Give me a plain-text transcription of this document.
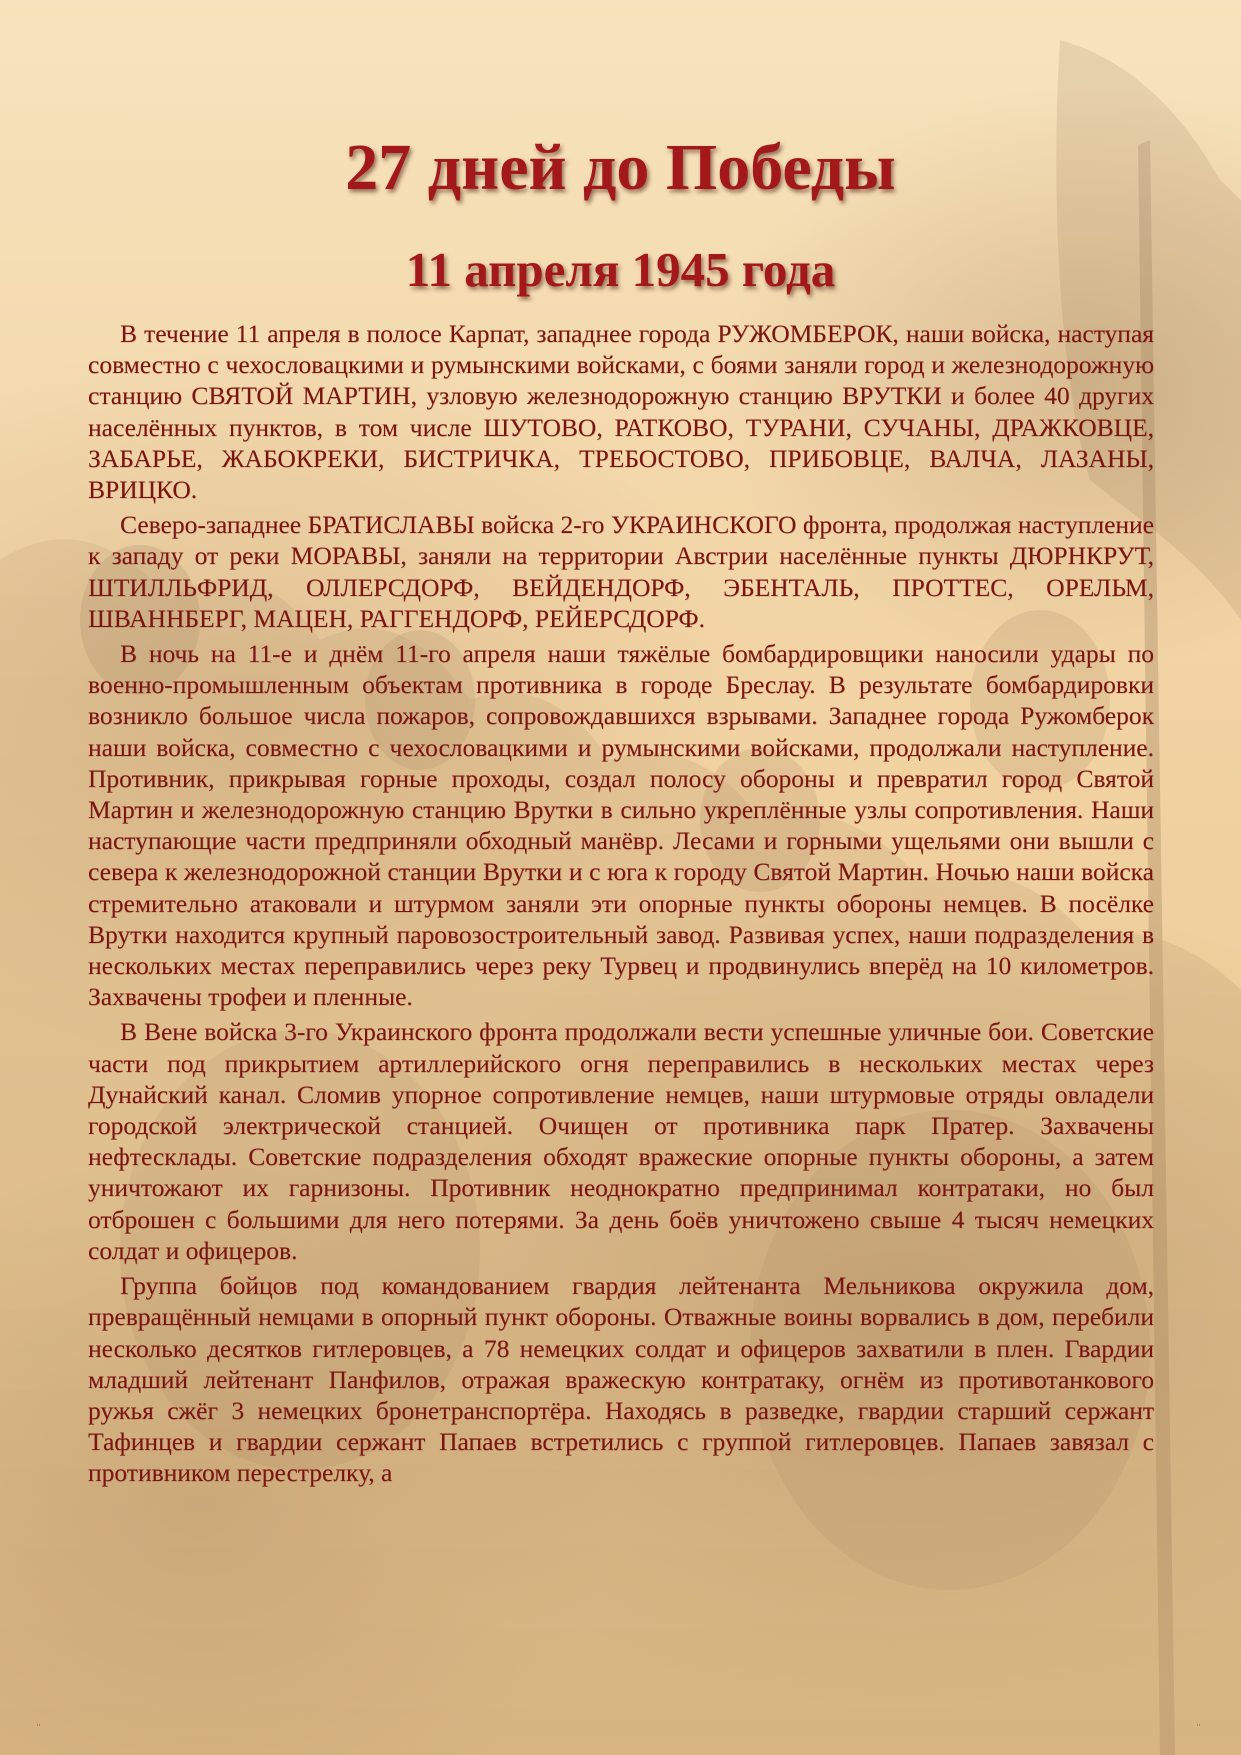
27 дней до Победы
11 апреля 1945 года

В течение 11 апреля в полосе Карпат, западнее города РУЖОМБЕРОК, наши войска, наступая совместно с чехословацкими и румынскими войсками, с боями заняли город и железнодорожную станцию СВЯТОЙ МАРТИН, узловую железнодорожную станцию ВРУТКИ и более 40 других населённых пунктов, в том числе ШУТОВО, РАТКОВО, ТУРАНИ, СУЧАНЫ, ДРАЖКОВЦЕ, ЗАБАРЬЕ, ЖАБОКРЕКИ, БИСТРИЧКА, ТРЕБОСТОВО, ПРИБОВЦЕ, ВАЛЧА, ЛАЗАНЫ, ВРИЦКО.

Северо-западнее БРАТИСЛАВЫ войска 2-го УКРАИНСКОГО фронта, продолжая наступление к западу от реки МОРАВЫ, заняли на территории Австрии населённые пункты ДЮРНКРУТ, ШТИЛЛЬФРИД, ОЛЛЕРСДОРФ, ВЕЙДЕНДОРФ, ЭБЕНТАЛЬ, ПРОТТЕС, ОРЕЛЬМ, ШВАННБЕРГ, МАЦЕН, РАГГЕНДОРФ, РЕЙЕРСДОРФ.

В ночь на 11-е и днём 11-го апреля наши тяжёлые бомбардировщики наносили удары по военно-промышленным объектам противника в городе Бреслау. В результате бомбардировки возникло большое числа пожаров, сопровождавшихся взрывами. Западнее города Ружомберок наши войска, совместно с чехословацкими и румынскими войсками, продолжали наступление. Противник, прикрывая горные проходы, создал полосу обороны и превратил город Святой Мартин и железнодорожную станцию Врутки в сильно укреплённые узлы сопротивления. Наши наступающие части предприняли обходный манёвр. Лесами и горными ущельями они вышли с севера к железнодорожной станции Врутки и с юга к городу Святой Мартин. Ночью наши войска стремительно атаковали и штурмом заняли эти опорные пункты обороны немцев. В посёлке Врутки находится крупный паровозостроительный завод. Развивая успех, наши подразделения в нескольких местах переправились через реку Турвец и продвинулись вперёд на 10 километров. Захвачены трофеи и пленные.

В Вене войска 3-го Украинского фронта продолжали вести успешные уличные бои. Советские части под прикрытием артиллерийского огня переправились в нескольких местах через Дунайский канал. Сломив упорное сопротивление немцев, наши штурмовые отряды овладели городской электрической станцией. Очищен от противника парк Пратер. Захвачены нефтесклады. Советские подразделения обходят вражеские опорные пункты обороны, а затем уничтожают их гарнизоны. Противник неоднократно предпринимал контратаки, но был отброшен с большими для него потерями. За день боёв уничтожено свыше 4 тысяч немецких солдат и офицеров.

Группа бойцов под командованием гвардия лейтенанта Мельникова окружила дом, превращённый немцами в опорный пункт обороны. Отважные воины ворвались в дом, перебили несколько десятков гитлеровцев, а 78 немецких солдат и офицеров захватили в плен. Гвардии младший лейтенант Панфилов, отражая вражескую контратаку, огнём из противотанкового ружья сжёг 3 немецких бронетранспортёра. Находясь в разведке, гвардии старший сержант Тафинцев и гвардии сержант Папаев встретились с группой гитлеровцев. Папаев завязал с противником перестрелку, а

¨	¨
